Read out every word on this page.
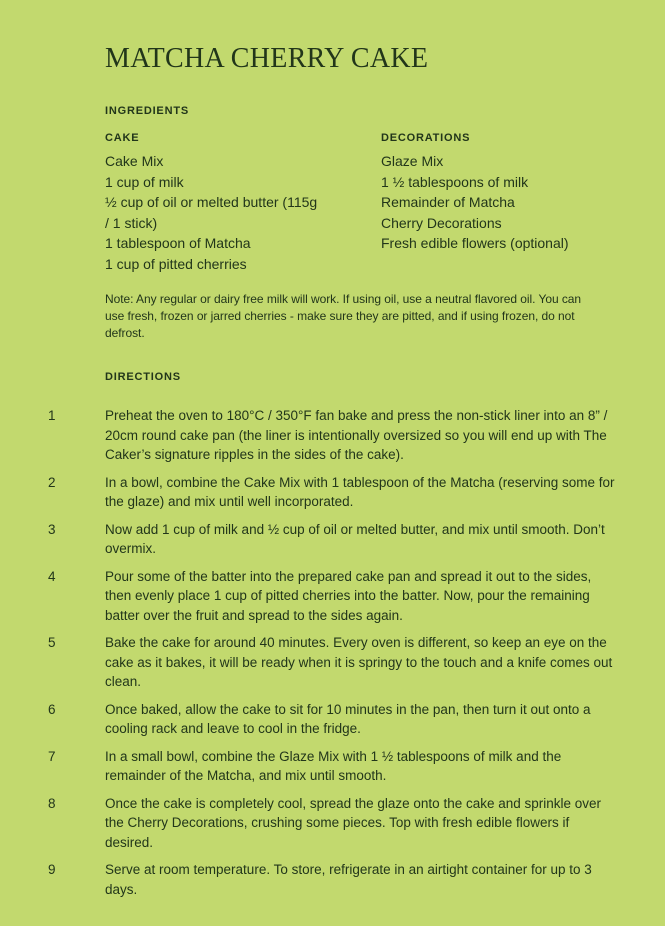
MATCHA CHERRY CAKE
INGREDIENTS
CAKE
Cake Mix
1 cup of milk
½ cup of oil or melted butter (115g / 1 stick)
1 tablespoon of Matcha
1 cup of pitted cherries
DECORATIONS
Glaze Mix
1 ½ tablespoons of milk
Remainder of Matcha
Cherry Decorations
Fresh edible flowers (optional)

Note: Any regular or dairy free milk will work. If using oil, use a neutral flavored oil. You can use fresh, frozen or jarred cherries - make sure they are pitted, and if using frozen, do not defrost.

DIRECTIONS
1	Preheat the oven to 180°C / 350°F fan bake and press the non-stick liner into an 8” / 20cm round cake pan (the liner is intentionally oversized so you will end up with The Caker’s signature ripples in the sides of the cake).
2	In a bowl, combine the Cake Mix with 1 tablespoon of the Matcha (reserving some for the glaze) and mix until well incorporated.
3	Now add 1 cup of milk and ½ cup of oil or melted butter, and mix until smooth. Don’t overmix.
4	Pour some of the batter into the prepared cake pan and spread it out to the sides, then evenly place 1 cup of pitted cherries into the batter. Now, pour the remaining batter over the fruit and spread to the sides again.
5	Bake the cake for around 40 minutes. Every oven is different, so keep an eye on the cake as it bakes, it will be ready when it is springy to the touch and a knife comes out clean.
6	Once baked, allow the cake to sit for 10 minutes in the pan, then turn it out onto a cooling rack and leave to cool in the fridge.
7	In a small bowl, combine the Glaze Mix with 1 ½ tablespoons of milk and the remainder of the Matcha, and mix until smooth.
8	Once the cake is completely cool, spread the glaze onto the cake and sprinkle over the Cherry Decorations, crushing some pieces. Top with fresh edible flowers if desired.
9	Serve at room temperature. To store, refrigerate in an airtight container for up to 3 days.
